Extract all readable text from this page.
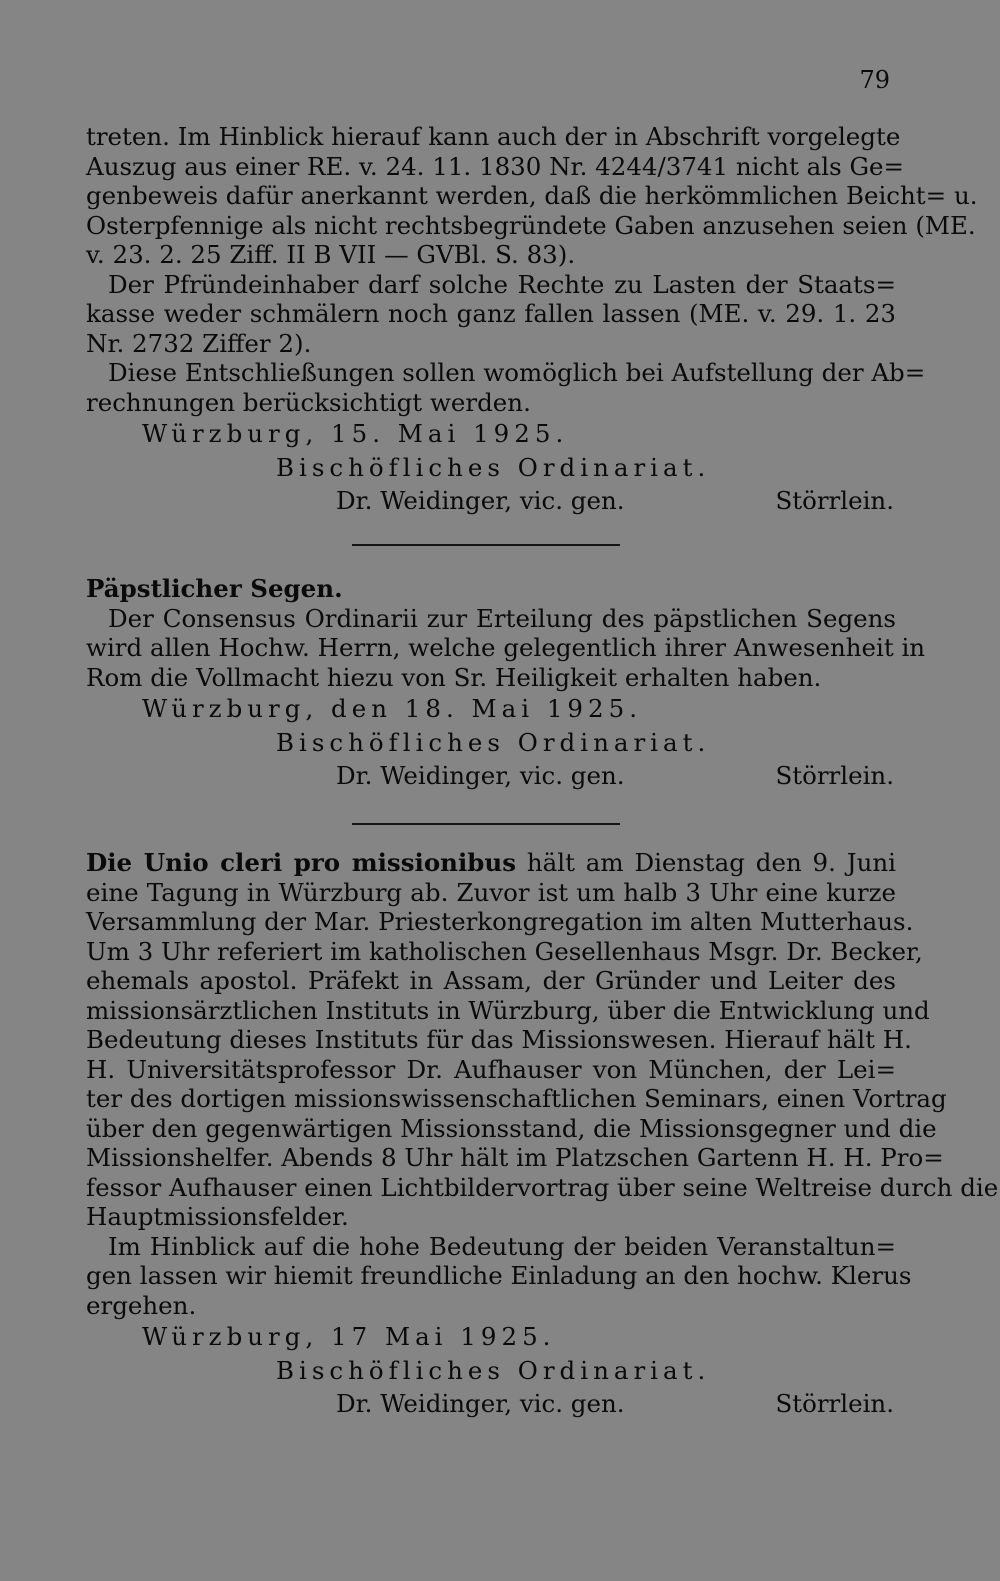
79
treten. Im Hinblick hierauf kann auch der in Abschrift vorgelegte
Auszug aus einer RE. v. 24. 11. 1830 Nr. 4244/3741 nicht als Ge=
genbeweis dafür anerkannt werden, daß die herkömmlichen Beicht= u.
Osterpfennige als nicht rechtsbegründete Gaben anzusehen seien (ME.
v. 23. 2. 25 Ziff. II B VII — GVBl. S. 83).
Der Pfründeinhaber darf solche Rechte zu Lasten der Staats=
kasse weder schmälern noch ganz fallen lassen (ME. v. 29. 1. 23
Nr. 2732 Ziffer 2).
Diese Entschließungen sollen womöglich bei Aufstellung der Ab=
rechnungen berücksichtigt werden.
Würzburg, 15. Mai 1925.
Bischöfliches Ordinariat.
Dr. Weidinger, vic. gen.	Störrlein.
Päpstlicher Segen.
Der Consensus Ordinarii zur Erteilung des päpstlichen Segens
wird allen Hochw. Herrn, welche gelegentlich ihrer Anwesenheit in
Rom die Vollmacht hiezu von Sr. Heiligkeit erhalten haben.
Würzburg, den 18. Mai 1925.
Bischöfliches Ordinariat.
Dr. Weidinger, vic. gen.	Störrlein.
Die Unio cleri pro missionibus hält am Dienstag den 9. Juni
eine Tagung in Würzburg ab. Zuvor ist um halb 3 Uhr eine kurze
Versammlung der Mar. Priesterkongregation im alten Mutterhaus.
Um 3 Uhr referiert im katholischen Gesellenhaus Msgr. Dr. Becker,
ehemals apostol. Präfekt in Assam, der Gründer und Leiter des
missionsärztlichen Instituts in Würzburg, über die Entwicklung und
Bedeutung dieses Instituts für das Missionswesen. Hierauf hält H.
H. Universitätsprofessor Dr. Aufhauser von München, der Lei=
ter des dortigen missionswissenschaftlichen Seminars, einen Vortrag
über den gegenwärtigen Missionsstand, die Missionsgegner und die
Missionshelfer. Abends 8 Uhr hält im Platzschen Gartenn H. H. Pro=
fessor Aufhauser einen Lichtbildervortrag über seine Weltreise durch die
Hauptmissionsfelder.
Im Hinblick auf die hohe Bedeutung der beiden Veranstaltun=
gen lassen wir hiemit freundliche Einladung an den hochw. Klerus
ergehen.
Würzburg, 17 Mai 1925.
Bischöfliches Ordinariat.
Dr. Weidinger, vic. gen.	Störrlein.
